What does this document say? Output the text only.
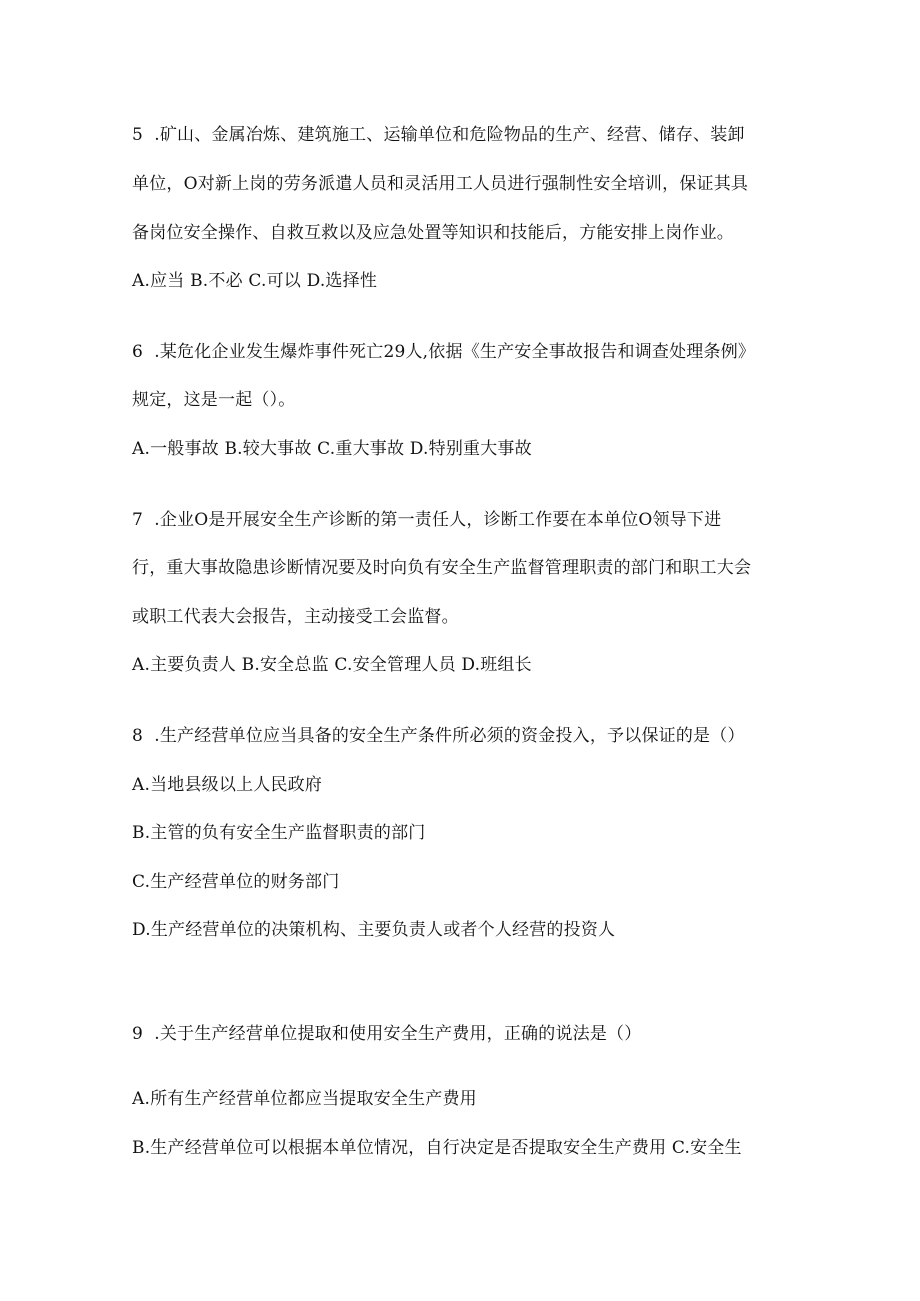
5 .矿山、金属冶炼、建筑施工、运输单位和危险物品的生产、经营、储存、装卸
单位，O对新上岗的劳务派遣人员和灵活用工人员进行强制性安全培训，保证其具
备岗位安全操作、自救互救以及应急处置等知识和技能后，方能安排上岗作业。
A.应当 B.不必 C.可以 D.选择性
6 .某危化企业发生爆炸事件死亡29人,依据《生产安全事故报告和调查处理条例》
规定，这是一起（）。
A.一般事故 B.较大事故 C.重大事故 D.特别重大事故
7 .企业O是开展安全生产诊断的第一责任人，诊断工作要在本单位O领导下进
行，重大事故隐患诊断情况要及时向负有安全生产监督管理职责的部门和职工大会
或职工代表大会报告，主动接受工会监督。
A.主要负责人 B.安全总监 C.安全管理人员 D.班组长
8 .生产经营单位应当具备的安全生产条件所必须的资金投入，予以保证的是（）
A.当地县级以上人民政府
B.主管的负有安全生产监督职责的部门
C.生产经营单位的财务部门
D.生产经营单位的决策机构、主要负责人或者个人经营的投资人
9 .关于生产经营单位提取和使用安全生产费用，正确的说法是（）
A.所有生产经营单位都应当提取安全生产费用
B.生产经营单位可以根据本单位情况，自行决定是否提取安全生产费用 C.安全生
